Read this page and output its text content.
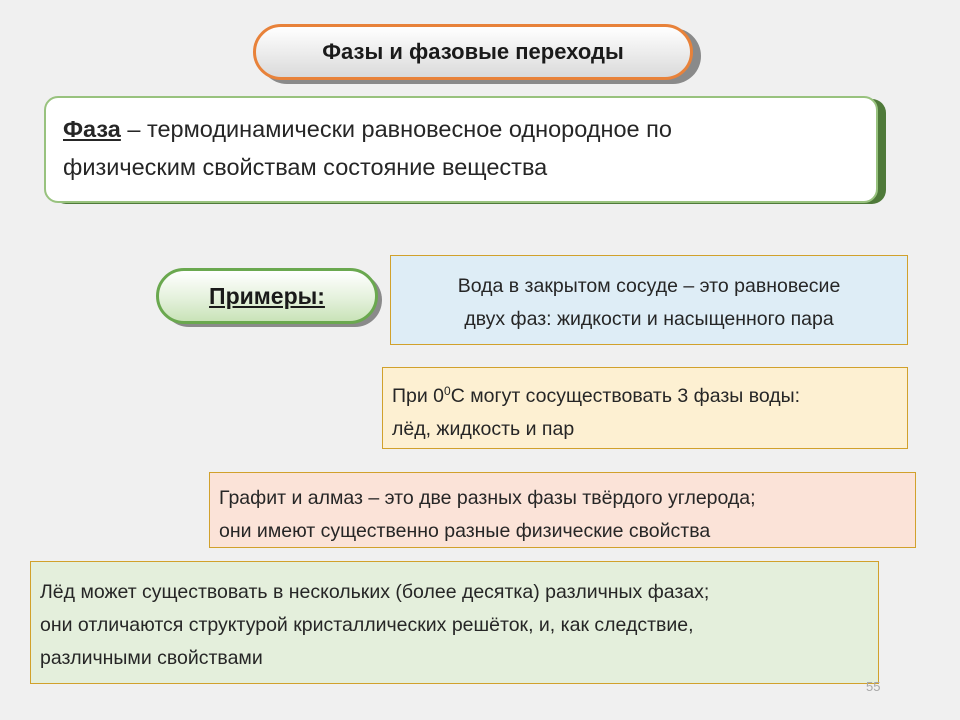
Фазы и фазовые переходы
Фаза – термодинамически равновесное однородное по
физическим свойствам состояние вещества
Примеры:	Вода в закрытом сосуде – это равновесие
двух фаз: жидкости и насыщенного пара
При $0^0С$ могут сосуществовать 3 фазы воды:
лёд, жидкость и пар
Графит и алмаз – это две разных фазы твёрдого углерода;
они имеют существенно разные физические свойства
Лёд может существовать в нескольких (более десятка) различных фазах;
они отличаются структурой кристаллических решёток, и, как следствие,
различными свойствами
55
